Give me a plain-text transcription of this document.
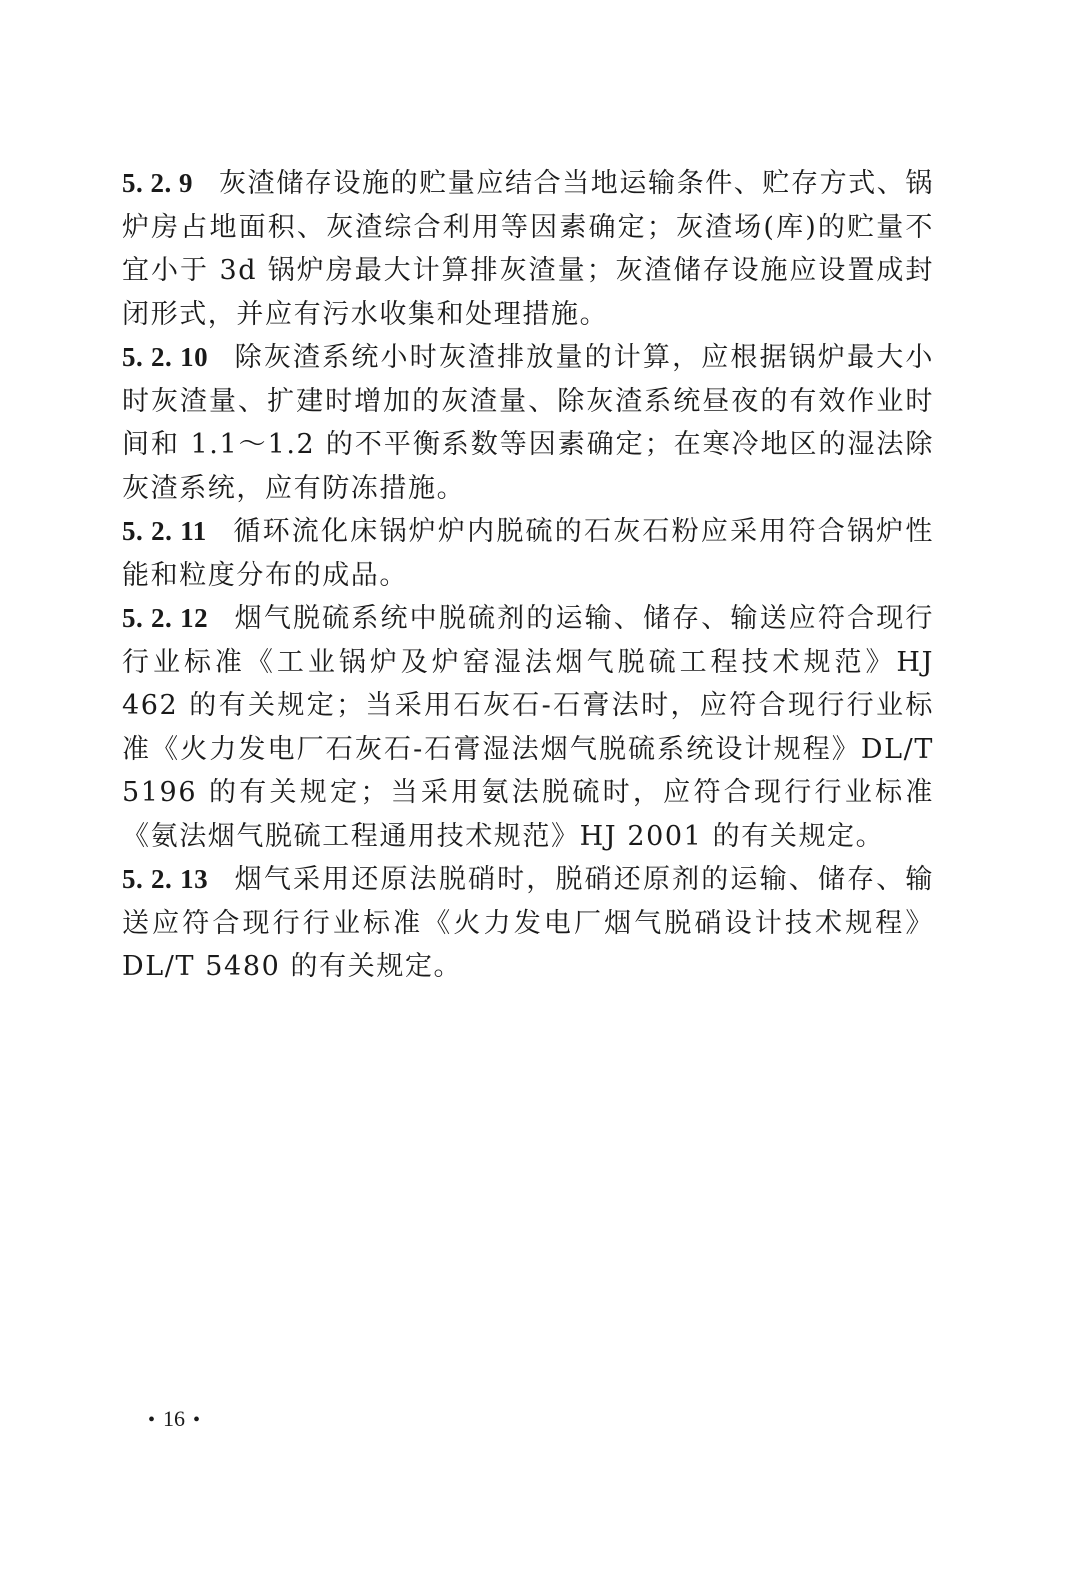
5. 2. 9 灰渣储存设施的贮量应结合当地运输条件、贮存方式、锅炉房占地面积、灰渣综合利用等因素确定；灰渣场(库)的贮量不宜小于 3d 锅炉房最大计算排灰渣量；灰渣储存设施应设置成封闭形式，并应有污水收集和处理措施。

5. 2. 10 除灰渣系统小时灰渣排放量的计算，应根据锅炉最大小时灰渣量、扩建时增加的灰渣量、除灰渣系统昼夜的有效作业时间和 1.1～1.2 的不平衡系数等因素确定；在寒冷地区的湿法除灰渣系统，应有防冻措施。

5. 2. 11 循环流化床锅炉炉内脱硫的石灰石粉应采用符合锅炉性能和粒度分布的成品。

5. 2. 12 烟气脱硫系统中脱硫剂的运输、储存、输送应符合现行行业标准《工业锅炉及炉窑湿法烟气脱硫工程技术规范》HJ 462 的有关规定；当采用石灰石-石膏法时，应符合现行行业标准《火力发电厂石灰石-石膏湿法烟气脱硫系统设计规程》DL/T 5196 的有关规定；当采用氨法脱硫时，应符合现行行业标准《氨法烟气脱硫工程通用技术规范》HJ 2001 的有关规定。

5. 2. 13 烟气采用还原法脱硝时，脱硝还原剂的运输、储存、输送应符合现行行业标准《火力发电厂烟气脱硝设计技术规程》DL/T 5480 的有关规定。

• 16 •
